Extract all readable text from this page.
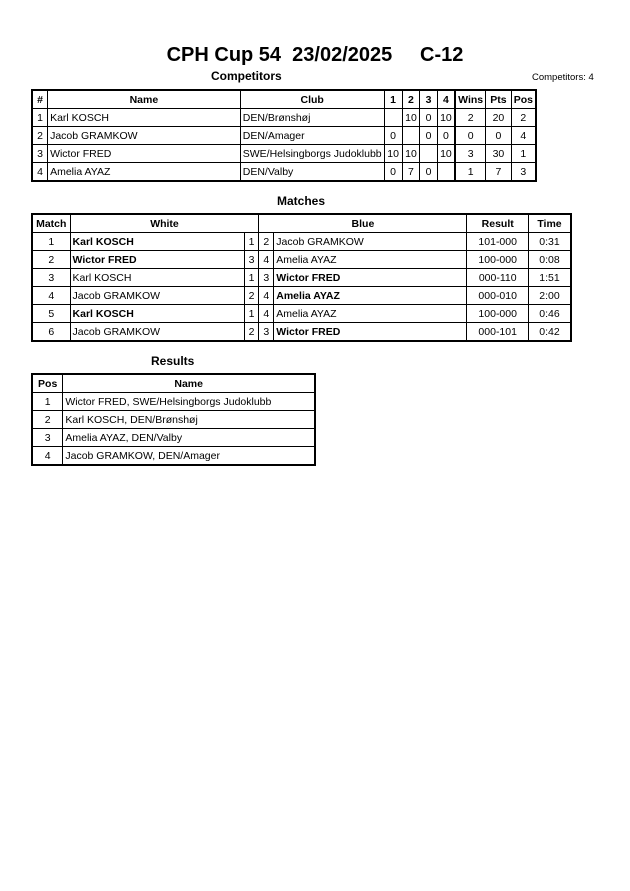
CPH Cup 54  23/02/2025     C-12
Competitors	Competitors: 4
#	Name	Club	1	2	3	4	Wins	Pts	Pos
1	Karl KOSCH	DEN/Brønshøj		10	0	10	2	20	2
2	Jacob GRAMKOW	DEN/Amager	0		0	0	0	0	4
3	Wictor FRED	SWE/Helsingborgs Judoklubb	10	10		10	3	30	1
4	Amelia AYAZ	DEN/Valby	0	7	0		1	7	3
Matches
Match	White		Blue		Result	Time
1	Karl KOSCH	1	2	Jacob GRAMKOW	101-000	0:31
2	Wictor FRED	3	4	Amelia AYAZ	100-000	0:08
3	Karl KOSCH	1	3	Wictor FRED	000-110	1:51
4	Jacob GRAMKOW	2	4	Amelia AYAZ	000-010	2:00
5	Karl KOSCH	1	4	Amelia AYAZ	100-000	0:46
6	Jacob GRAMKOW	2	3	Wictor FRED	000-101	0:42
Results
Pos	Name
1	Wictor FRED, SWE/Helsingborgs Judoklubb
2	Karl KOSCH, DEN/Brønshøj
3	Amelia AYAZ, DEN/Valby
4	Jacob GRAMKOW, DEN/Amager
